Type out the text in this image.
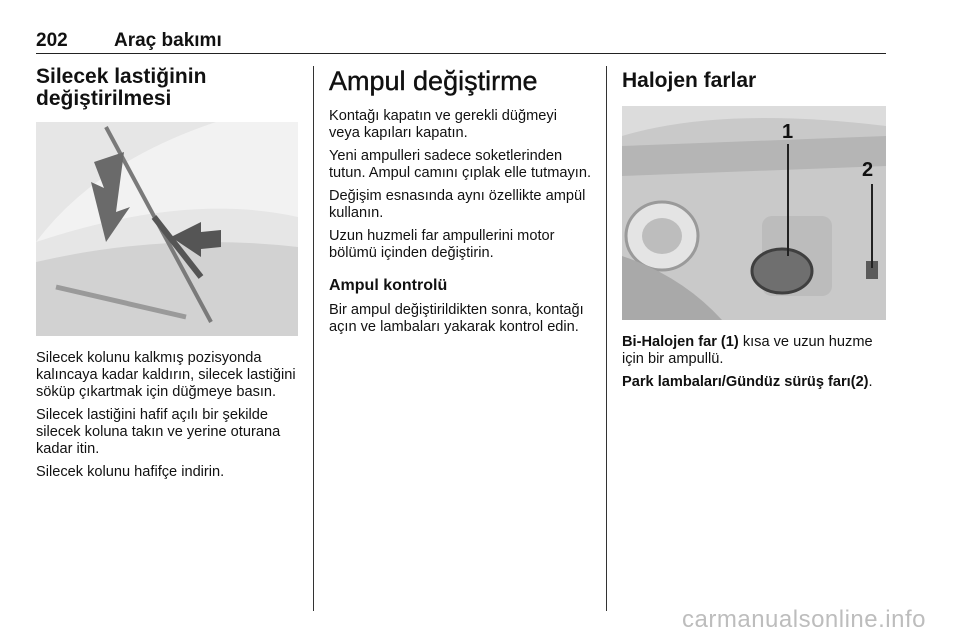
202 Araç bakımı
Silecek lastiğinin değiştirilmesi

Silecek kolunu kalkmış pozisyonda kalıncaya kadar kaldırın, silecek lastiğini söküp çıkartmak için düğmeye basın.

Silecek lastiğini hafif açılı bir şekilde silecek koluna takın ve yerine oturana kadar itin.

Silecek kolunu hafifçe indirin.

Ampul değiştirme

Kontağı kapatın ve gerekli düğmeyi veya kapıları kapatın.

Yeni ampulleri sadece soketlerinden tutun. Ampul camını çıplak elle tutmayın.

Değişim esnasında aynı özellikte ampül kullanın.

Uzun huzmeli far ampullerini motor bölümü içinden değiştirin.

Ampul kontrolü

Bir ampul değiştirildikten sonra, kontağı açın ve lambaları yakarak kontrol edin.

Halojen farlar
1
2

Bi-Halojen far (1) kısa ve uzun huzme için bir ampullü.

Park lambaları/Gündüz sürüş farı(2).

carmanualsonline.info
